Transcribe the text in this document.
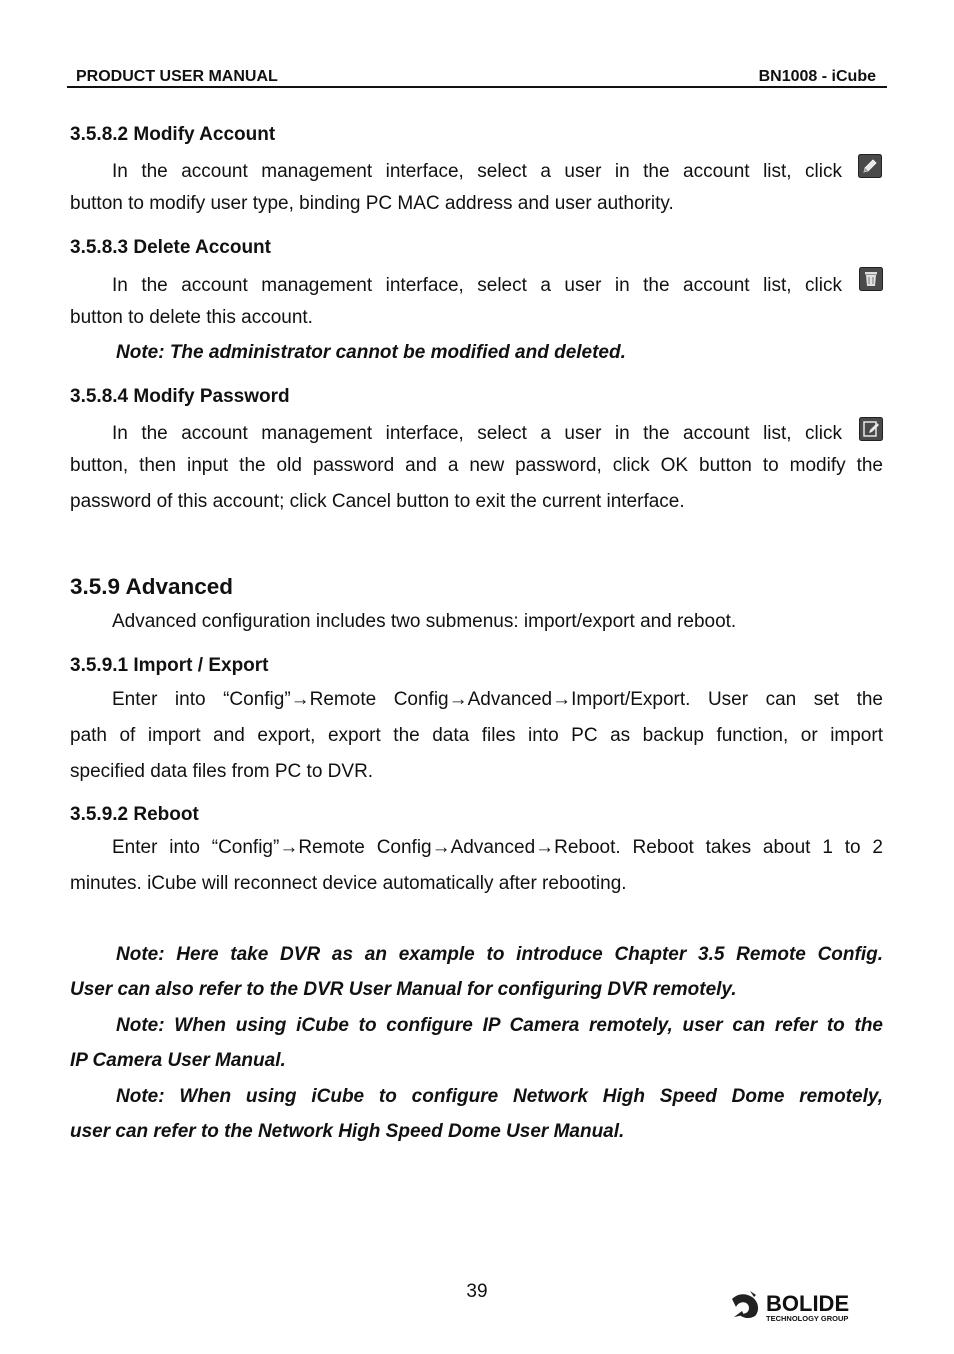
PRODUCT USER MANUAL	BN1008 - iCube
3.5.8.2 Modify Account
In the account management interface, select a user in the account list, click
button to modify user type, binding PC MAC address and user authority.
3.5.8.3 Delete Account
In the account management interface, select a user in the account list, click
button to delete this account.
Note: The administrator cannot be modified and deleted.
3.5.8.4 Modify Password
In the account management interface, select a user in the account list, click
button, then input the old password and a new password, click OK button to modify the
password of this account; click Cancel button to exit the current interface.
3.5.9 Advanced
Advanced configuration includes two submenus: import/export and reboot.
3.5.9.1 Import / Export
Enter into “Config”→Remote Config→Advanced→Import/Export. User can set the
path of import and export, export the data files into PC as backup function, or import
specified data files from PC to DVR.
3.5.9.2 Reboot
Enter into “Config”→Remote Config→Advanced→Reboot. Reboot takes about 1 to 2
minutes. iCube will reconnect device automatically after rebooting.
Note: Here take DVR as an example to introduce Chapter 3.5 Remote Config.
User can also refer to the DVR User Manual for configuring DVR remotely.
Note: When using iCube to configure IP Camera remotely, user can refer to the
IP Camera User Manual.
Note: When using iCube to configure Network High Speed Dome remotely,
user can refer to the Network High Speed Dome User Manual.
39	BOLIDE
TECHNOLOGY GROUP
